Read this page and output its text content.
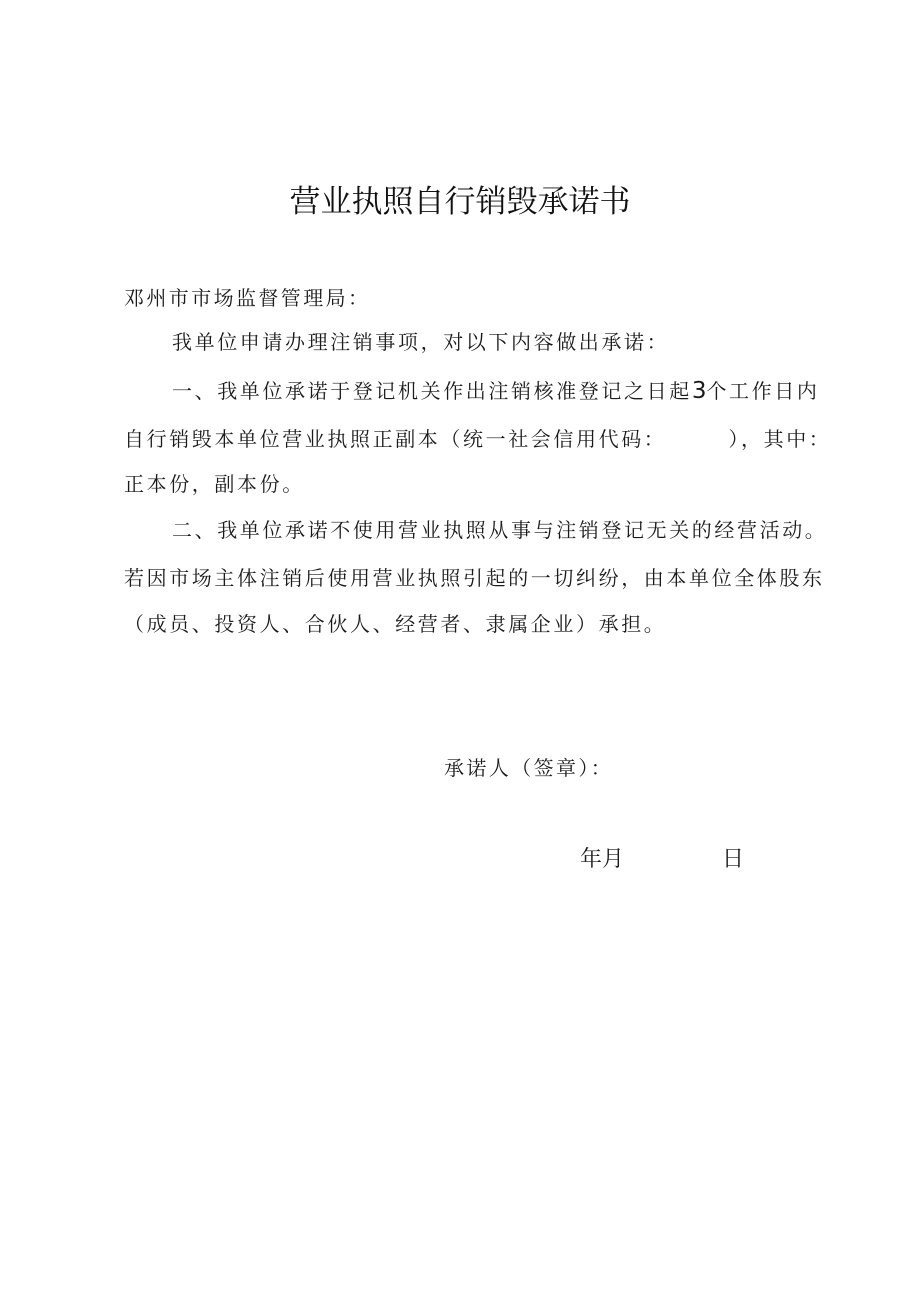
营业执照自行销毁承诺书
邓州市市场监督管理局：
我单位申请办理注销事项，对以下内容做出承诺：
一、我单位承诺于登记机关作出注销核准登记之日起3个工作日内
自行销毁本单位营业执照正副本（统一社会信用代码：	），其中：
正本份，副本份。
二、我单位承诺不使用营业执照从事与注销登记无关的经营活动。
若因市场主体注销后使用营业执照引起的一切纠纷，由本单位全体股东
（成员、投资人、合伙人、经营者、隶属企业）承担。
承诺人（签章）：
年月	日
